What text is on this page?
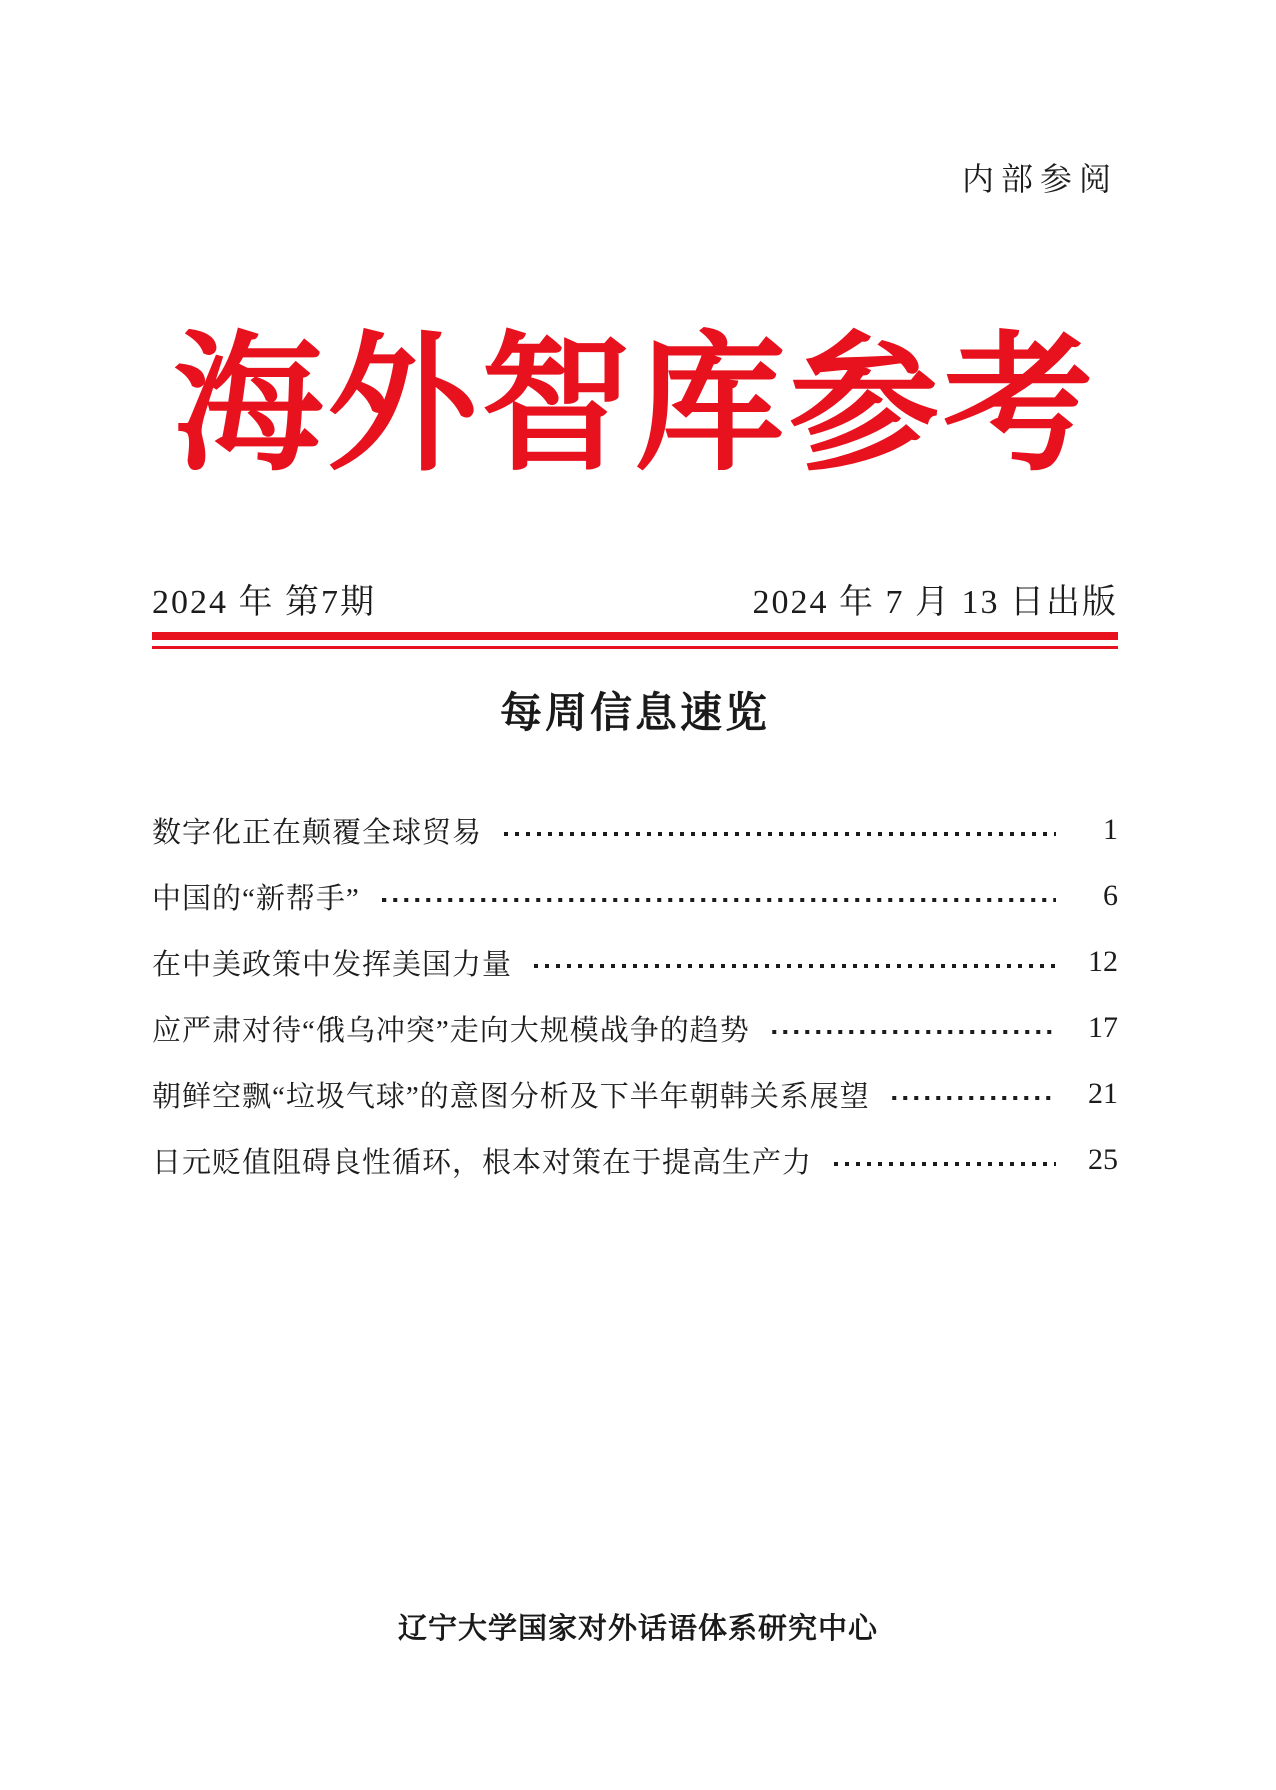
内部参阅
海外智库参考
2024 年 第7期	2024 年 7 月 13 日出版
每周信息速览
数字化正在颠覆全球贸易	1
中国的“新帮手”	6
在中美政策中发挥美国力量	12
应严肃对待“俄乌冲突”走向大规模战争的趋势	17
朝鲜空飘“垃圾气球”的意图分析及下半年朝韩关系展望	21
日元贬值阻碍良性循环，根本对策在于提高生产力	25
辽宁大学国家对外话语体系研究中心
